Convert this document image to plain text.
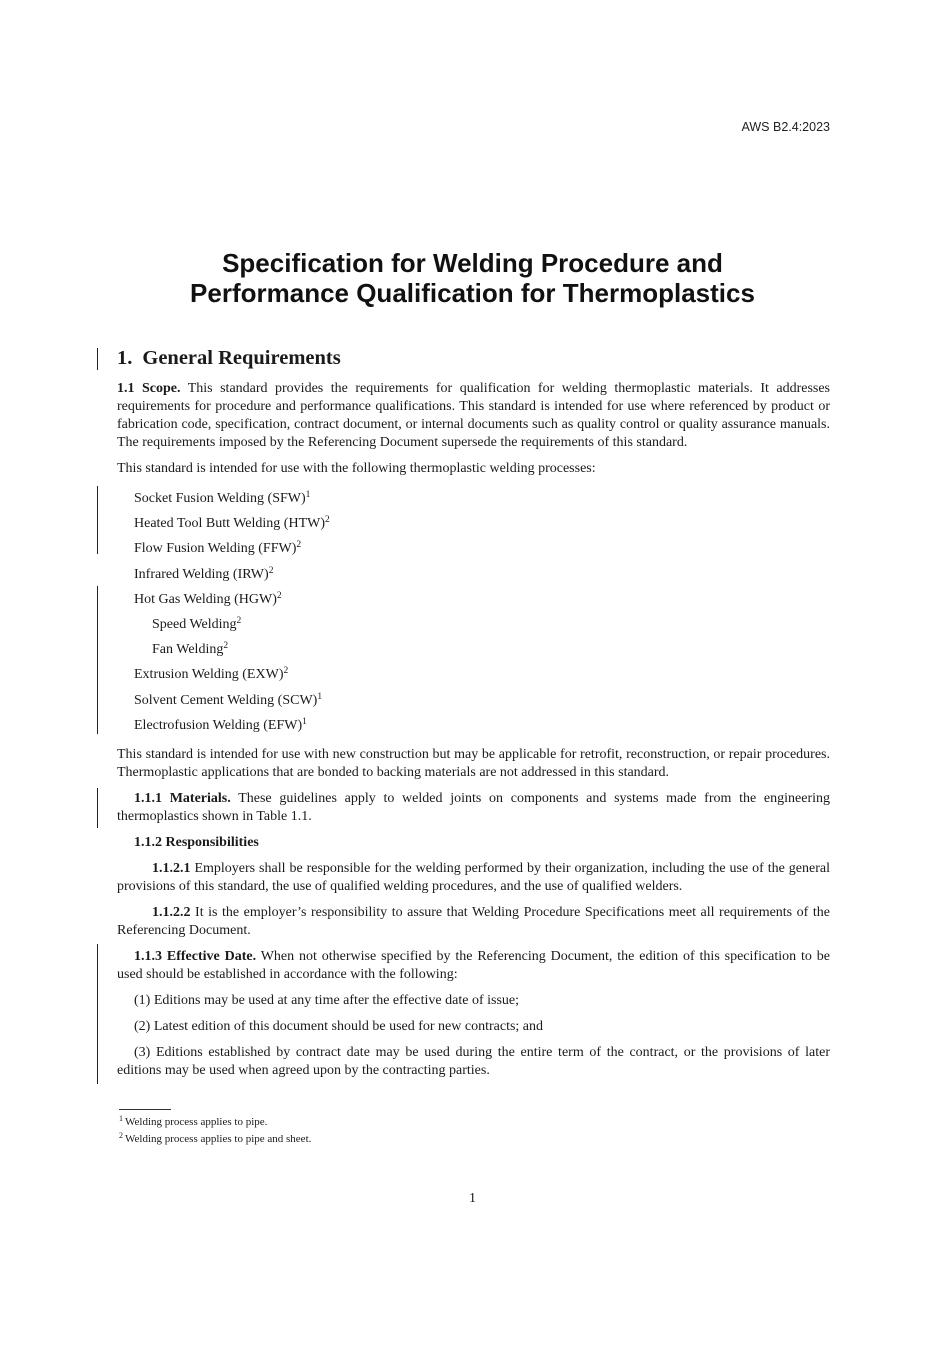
AWS B2.4:2023
Specification for Welding Procedure and
Performance Qualification for Thermoplastics
1. General Requirements

1.1 Scope. This standard provides the requirements for qualification for welding thermoplastic materials. It addresses requirements for procedure and performance qualifications. This standard is intended for use where referenced by product or fabrication code, specification, contract document, or internal documents such as quality control or quality assurance manuals. The requirements imposed by the Referencing Document supersede the requirements of this standard.

This standard is intended for use with the following thermoplastic welding processes:

Socket Fusion Welding (SFW)$^1$
Heated Tool Butt Welding (HTW)$^2$
Flow Fusion Welding (FFW)$^2$
Infrared Welding (IRW)$^2$
Hot Gas Welding (HGW)$^2$
Speed Welding$^2$
Fan Welding$^2$
Extrusion Welding (EXW)$^2$
Solvent Cement Welding (SCW)$^1$
Electrofusion Welding (EFW)$^1$

This standard is intended for use with new construction but may be applicable for retrofit, reconstruction, or repair procedures. Thermoplastic applications that are bonded to backing materials are not addressed in this standard.

1.1.1 Materials. These guidelines apply to welded joints on components and systems made from the engineering thermoplastics shown in Table 1.1.

1.1.2 Responsibilities

1.1.2.1 Employers shall be responsible for the welding performed by their organization, including the use of the general provisions of this standard, the use of qualified welding procedures, and the use of qualified welders.

1.1.2.2 It is the employer’s responsibility to assure that Welding Procedure Specifications meet all requirements of the Referencing Document.

1.1.3 Effective Date. When not otherwise specified by the Referencing Document, the edition of this specification to be used should be established in accordance with the following:

(1) Editions may be used at any time after the effective date of issue;

(2) Latest edition of this document should be used for new contracts; and

(3) Editions established by contract date may be used during the entire term of the contract, or the provisions of later editions may be used when agreed upon by the contracting parties.

$^1$ Welding process applies to pipe.
$^2$ Welding process applies to pipe and sheet.
1
